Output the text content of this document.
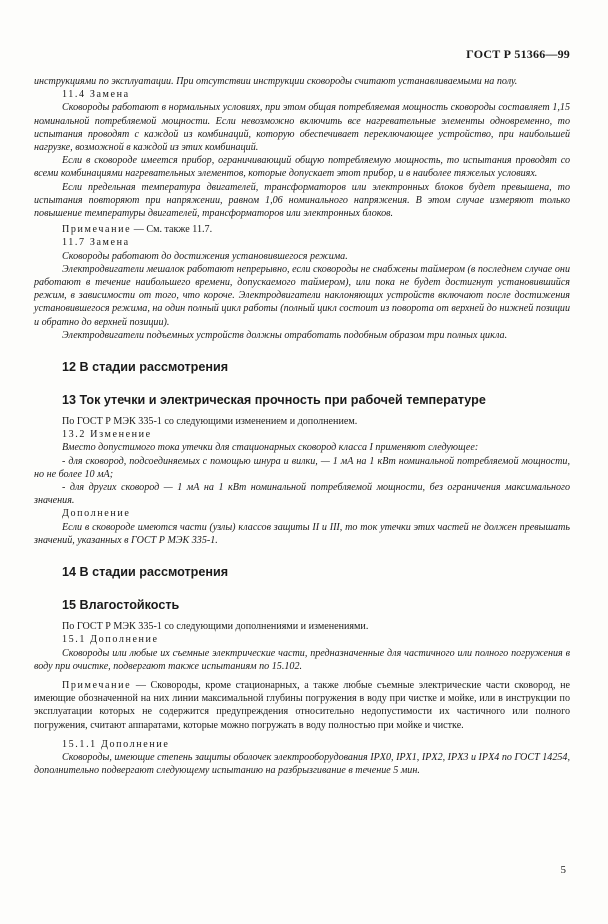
ГОСТ Р 51366—99

инструкциями по эксплуатации. При отсутствии инструкции сковороды считают устанавливаемыми на полу.

11.4 Замена

Сковороды работают в нормальных условиях, при этом общая потребляемая мощность сковороды составляет 1,15 номинальной потребляемой мощности. Если невозможно включить все нагревательные элементы одновременно, то испытания проводят с каждой из комбинаций, которую обеспечивает переключающее устройство, при наибольшей нагрузке, возможной в каждой из этих комбинаций.

Если в сковороде имеется прибор, ограничивающий общую потребляемую мощность, то испытания проводят со всеми комбинациями нагревательных элементов, которые допускает этот прибор, и в наиболее тяжелых условиях.

Если предельная температура двигателей, трансформаторов или электронных блоков будет превышена, то испытания повторяют при напряжении, равном 1,06 номинального напряжения. В этом случае измеряют только повышение температуры двигателей, трансформаторов или электронных блоков.

Примечание — См. также 11.7.

11.7 Замена

Сковороды работают до достижения установившегося режима.

Электродвигатели мешалок работают непрерывно, если сковороды не снабжены таймером (в последнем случае они работают в течение наибольшего времени, допускаемого таймером), или пока не будет достигнут установившийся режим, в зависимости от того, что короче. Электродвигатели наклоняющих устройств включают после достижения установившегося режима, на один полный цикл работы (полный цикл состоит из поворота от верхней до нижней позиции и обратно до верхней позиции).

Электродвигатели подъемных устройств должны отработать подобным образом три полных цикла.

12 В стадии рассмотрения
13 Ток утечки и электрическая прочность при рабочей температуре

По ГОСТ Р МЭК 335-1 со следующими изменением и дополнением.

13.2 Изменение

Вместо допустимого тока утечки для стационарных сковород класса I применяют следующее:

- для сковород, подсоединяемых с помощью шнура и вилки, — 1 мА на 1 кВт номинальной потребляемой мощности, но не более 10 мА;

- для других сковород — 1 мА на 1 кВт номинальной потребляемой мощности, без ограничения максимального значения.

Дополнение

Если в сковороде имеются части (узлы) классов защиты II и III, то ток утечки этих частей не должен превышать значений, указанных в ГОСТ Р МЭК 335-1.

14 В стадии рассмотрения
15 Влагостойкость

По ГОСТ Р МЭК 335-1 со следующими дополнениями и изменениями.

15.1 Дополнение

Сковороды или любые их съемные электрические части, предназначенные для частичного или полного погружения в воду при очистке, подвергают также испытаниям по 15.102.

Примечание — Сковороды, кроме стационарных, а также любые съемные электрические части сковород, не имеющие обозначенной на них линии максимальной глубины погружения в воду при чистке и мойке, или в инструкции по эксплуатации которых не содержится предупреждения относительно недопустимости их частичного или полного погружения, считают аппаратами, которые можно погружать в воду полностью при мойке и чистке.

15.1.1 Дополнение

Сковороды, имеющие степень защиты оболочек электрооборудования IPX0, IPX1, IPX2, IPX3 и IPX4 по ГОСТ 14254, дополнительно подвергают следующему испытанию на разбрызгивание в течение 5 мин.

5
